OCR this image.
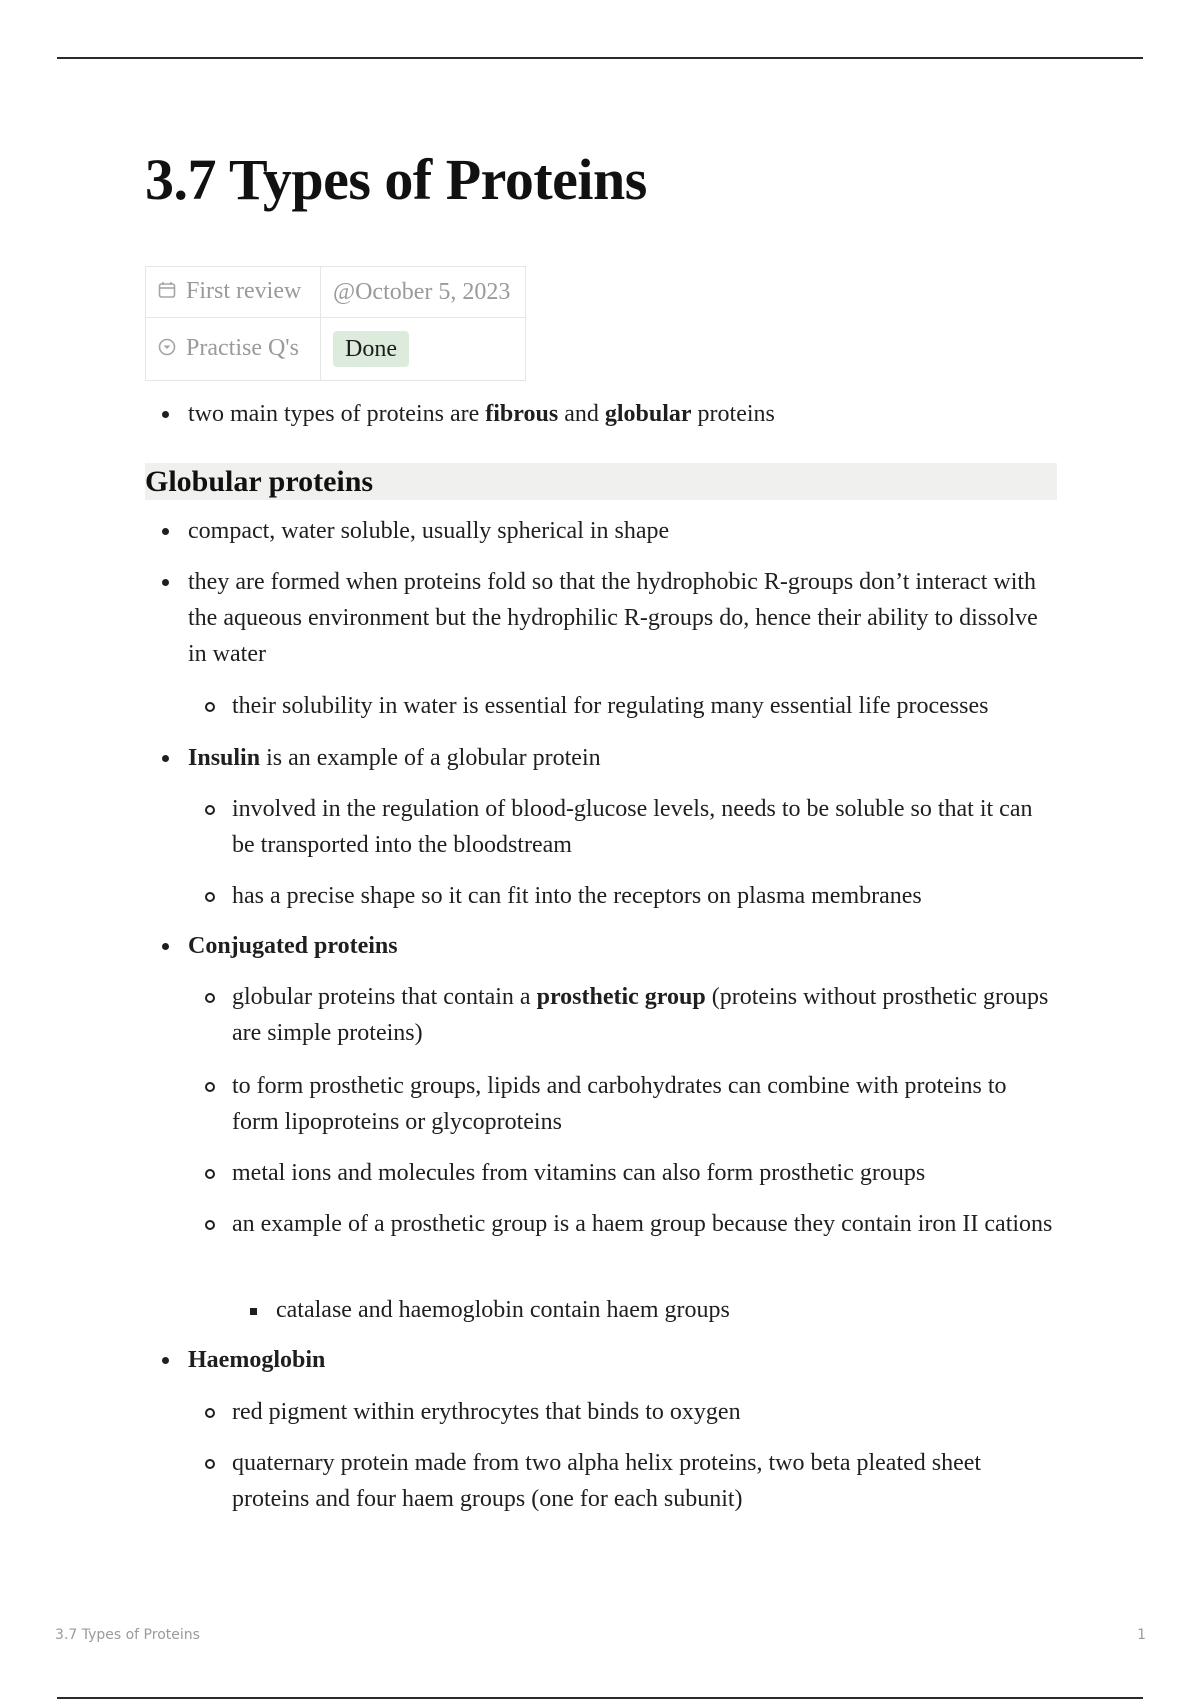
3.7 Types of Proteins
First review	@October 5, 2023
Practise Q's	Done
two main types of proteins are fibrous and globular proteins
Globular proteins
compact, water soluble, usually spherical in shape
they are formed when proteins fold so that the hydrophobic R-groups don’t interact with the aqueous environment but the hydrophilic R-groups do, hence their ability to dissolve in water
their solubility in water is essential for regulating many essential life processes
Insulin is an example of a globular protein
involved in the regulation of blood-glucose levels, needs to be soluble so that it can be transported into the bloodstream
has a precise shape so it can fit into the receptors on plasma membranes
Conjugated proteins
globular proteins that contain a prosthetic group (proteins without prosthetic groups are simple proteins)
to form prosthetic groups, lipids and carbohydrates can combine with proteins to form lipoproteins or glycoproteins
metal ions and molecules from vitamins can also form prosthetic groups
an example of a prosthetic group is a haem group because they contain iron II cations
catalase and haemoglobin contain haem groups
Haemoglobin
red pigment within erythrocytes that binds to oxygen
quaternary protein made from two alpha helix proteins, two beta pleated sheet proteins and four haem groups (one for each subunit)
3.7 Types of Proteins	1
